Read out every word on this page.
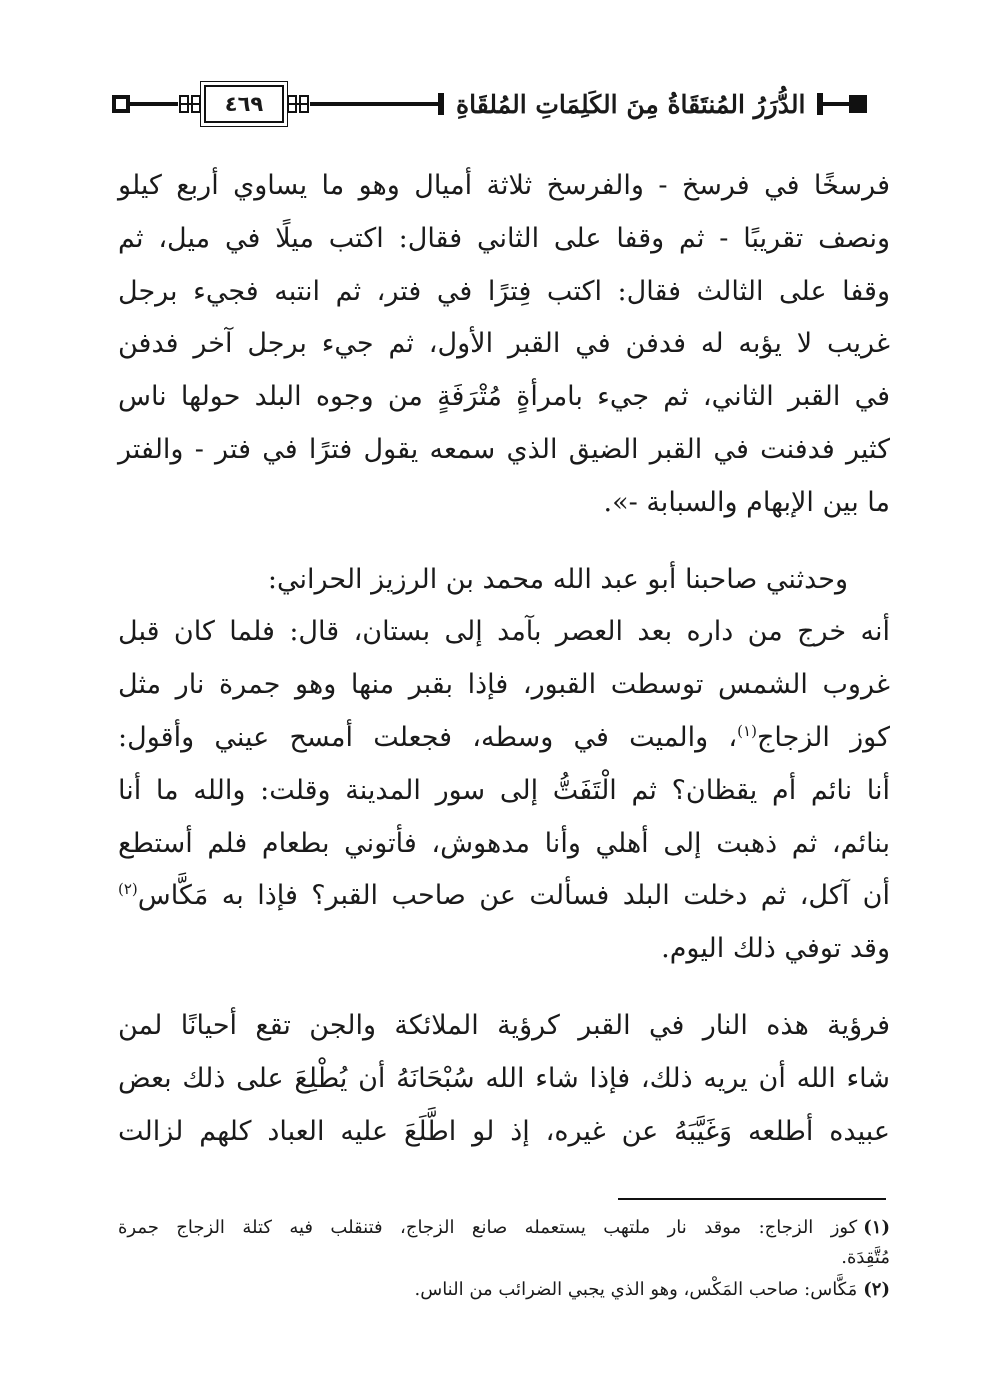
٤٦٩	الدُّرَرُ المُنتَقَاةُ مِنَ الكَلِمَاتِ المُلقَاةِ
فرسخًا في فرسخ - والفرسخ ثلاثة أميال وهو ما يساوي أربع كيلو
ونصف تقريبًا - ثم وقفا على الثاني فقال: اكتب ميلًا في ميل، ثم
وقفا على الثالث فقال: اكتب فِترًا في فتر، ثم انتبه فجيء برجل
غريب لا يؤبه له فدفن في القبر الأول، ثم جيء برجل آخر فدفن
في القبر الثاني، ثم جيء بامرأةٍ مُتْرَفَةٍ من وجوه البلد حولها ناس
كثير فدفنت في القبر الضيق الذي سمعه يقول فترًا في فتر - والفتر
ما بين الإبهام والسبابة -».
وحدثني صاحبنا أبو عبد الله محمد بن الرزيز الحراني:
أنه خرج من داره بعد العصر بآمد إلى بستان، قال: فلما كان قبل
غروب الشمس توسطت القبور، فإذا بقبر منها وهو جمرة نار مثل
كوز الزجاج$^{(١)}$، والميت في وسطه، فجعلت أمسح عيني وأقول:
أنا نائم أم يقظان؟ ثم الْتَفَتُّ إلى سور المدينة وقلت: والله ما أنا
بنائم، ثم ذهبت إلى أهلي وأنا مدهوش، فأتوني بطعام فلم أستطع
أن آكل، ثم دخلت البلد فسألت عن صاحب القبر؟ فإذا به مَكَّاس$^{(٢)}$
وقد توفي ذلك اليوم.
فرؤية هذه النار في القبر كرؤية الملائكة والجن تقع أحيانًا لمن
شاء الله أن يريه ذلك، فإذا شاء الله سُبْحَانَهُ أن يُطْلِعَ على ذلك بعض
عبيده أطلعه وَغَيَّبَهُ عن غيره، إذ لو اطَّلَعَ عليه العباد كلهم لزالت
(١)كوز الزجاج: موقد نار ملتهب يستعمله صانع الزجاج، فتنقلب فيه كتلة الزجاج جمرة
مُتَّقِدَة.
(٢)مَكَّاس: صاحب المَكْس، وهو الذي يجبي الضرائب من الناس.
